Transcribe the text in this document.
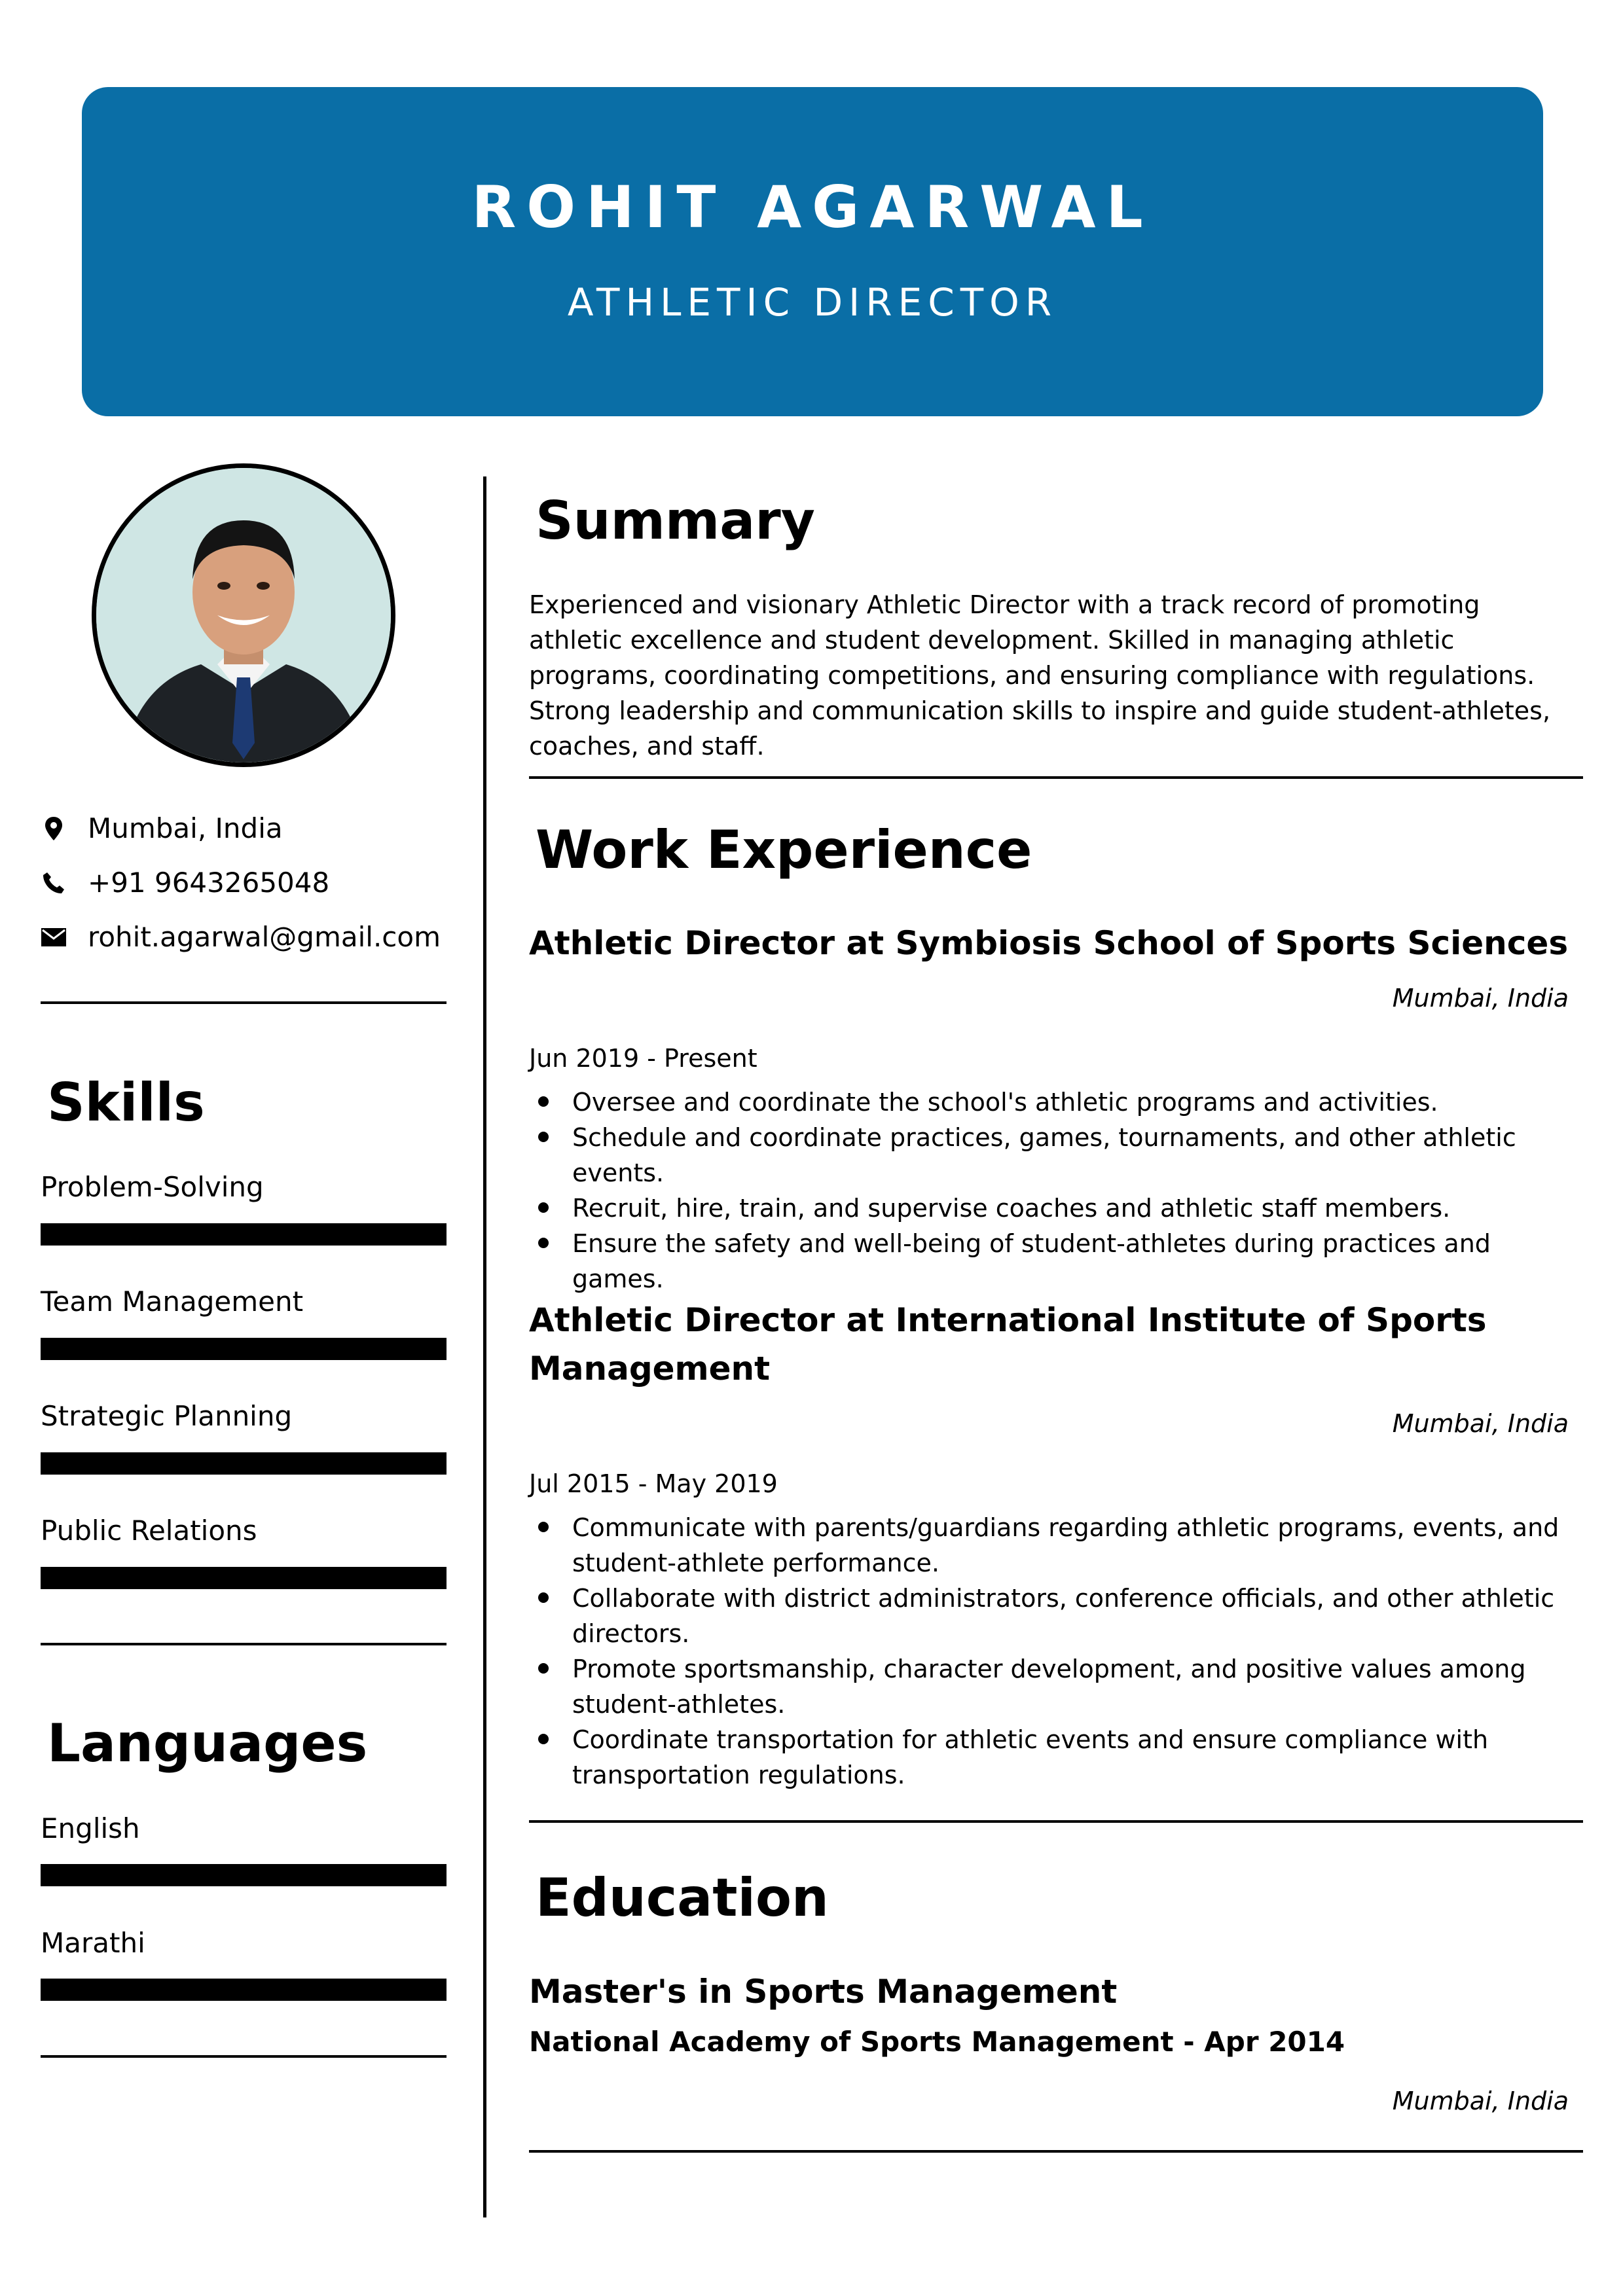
ROHIT AGARWAL
ATHLETIC DIRECTOR
Mumbai, India
+91 9643265048
rohit.agarwal@gmail.com
Skills
Problem-Solving
Team Management
Strategic Planning
Public Relations
Languages
English
Marathi
Summary
Experienced and visionary Athletic Director with a track record of promoting athletic excellence and student development. Skilled in managing athletic programs, coordinating competitions, and ensuring compliance with regulations. Strong leadership and communication skills to inspire and guide student-athletes, coaches, and staff.
Work Experience
Athletic Director at Symbiosis School of Sports Sciences
Mumbai, India
Jun 2019 - Present
Oversee and coordinate the school's athletic programs and activities.
Schedule and coordinate practices, games, tournaments, and other athletic events.
Recruit, hire, train, and supervise coaches and athletic staff members.
Ensure the safety and well-being of student-athletes during practices and games.
Athletic Director at International Institute of Sports Management
Mumbai, India
Jul 2015 - May 2019
Communicate with parents/guardians regarding athletic programs, events, and student-athlete performance.
Collaborate with district administrators, conference officials, and other athletic directors.
Promote sportsmanship, character development, and positive values among student-athletes.
Coordinate transportation for athletic events and ensure compliance with transportation regulations.
Education
Master's in Sports Management
National Academy of Sports Management - Apr 2014
Mumbai, India
